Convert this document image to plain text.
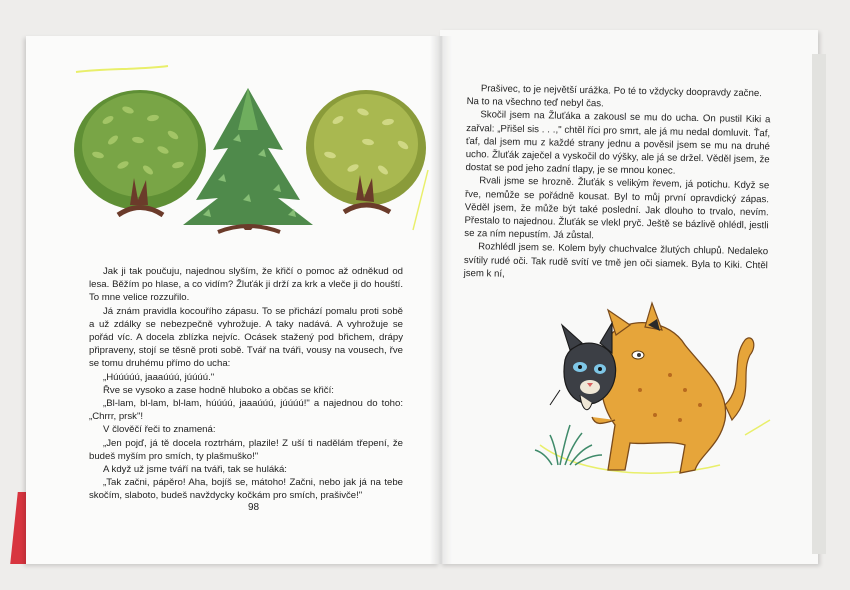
Jak ji tak poučuju, najednou slyším, že křičí o pomoc až odněkud od lesa. Běžím po hlase, a co vidím? Žluťák ji drží za krk a vleče ji do houští. To mne velice rozzuřilo.

Já znám pravidla kocouřího zápasu. To se přichází pomalu proti sobě a už zdálky se nebezpečně vyhrožuje. A taky nadává. A vyhrožuje se pořád víc. A docela zblízka nejvíc. Ocásek stažený pod břichem, drápy připraveny, stojí se těsně proti sobě. Tvář na tváři, vousy na vousech, řve se tomu druhému přímo do ucha:

„Húúúúú, jaaaúúú, júúúú."

Řve se vysoko a zase hodně hluboko a občas se křičí:

„Bl-lam, bl-lam, bl-lam, húúúú, jaaaúúú, júúúú!" a najednou do toho: „Chrrr, prsk"!

V člověčí řeči to znamená:

„Jen pojď, já tě docela roztrhám, plazile! Z uší ti nadělám třepení, že budeš myším pro smích, ty plašmuško!"

A když už jsme tváří na tváři, tak se huláká:

„Tak začni, pápěro! Aha, bojíš se, mátoho! Začni, nebo jak já na tebe skočím, slaboto, budeš navždycky kočkám pro smích, prašivče!"

98

Prašivec, to je největší urážka. Po té to vždycky doopravdy začne.

Na to na všechno teď nebyl čas.

Skočil jsem na Žluťáka a zakousl se mu do ucha. On pustil Kiki a zařval: „Přišel sis . . .," chtěl říci pro smrt, ale já mu nedal domluvit. Ťaf, ťaf, dal jsem mu z každé strany jednu a pověsil jsem se mu na druhé ucho. Žluťák zaječel a vyskočil do výšky, ale já se držel. Věděl jsem, že dostat se pod jeho zadní tlapy, je se mnou konec.

Rvali jsme se hrozně. Žluťák s velikým řevem, já potichu. Když se řve, nemůže se pořádně kousat. Byl to můj první opravdický zápas. Věděl jsem, že může být také poslední. Jak dlouho to trvalo, nevím. Přestalo to najednou. Žluťák se vlekl pryč. Ještě se bázlivě ohlédl, jestli se za ním nepustím. Já zůstal.

Rozhlédl jsem se. Kolem byly chuchvalce žlutých chlupů. Nedaleko svítily rudé oči. Tak rudě svítí ve tmě jen oči siamek. Byla to Kiki. Chtěl jsem k ní,
